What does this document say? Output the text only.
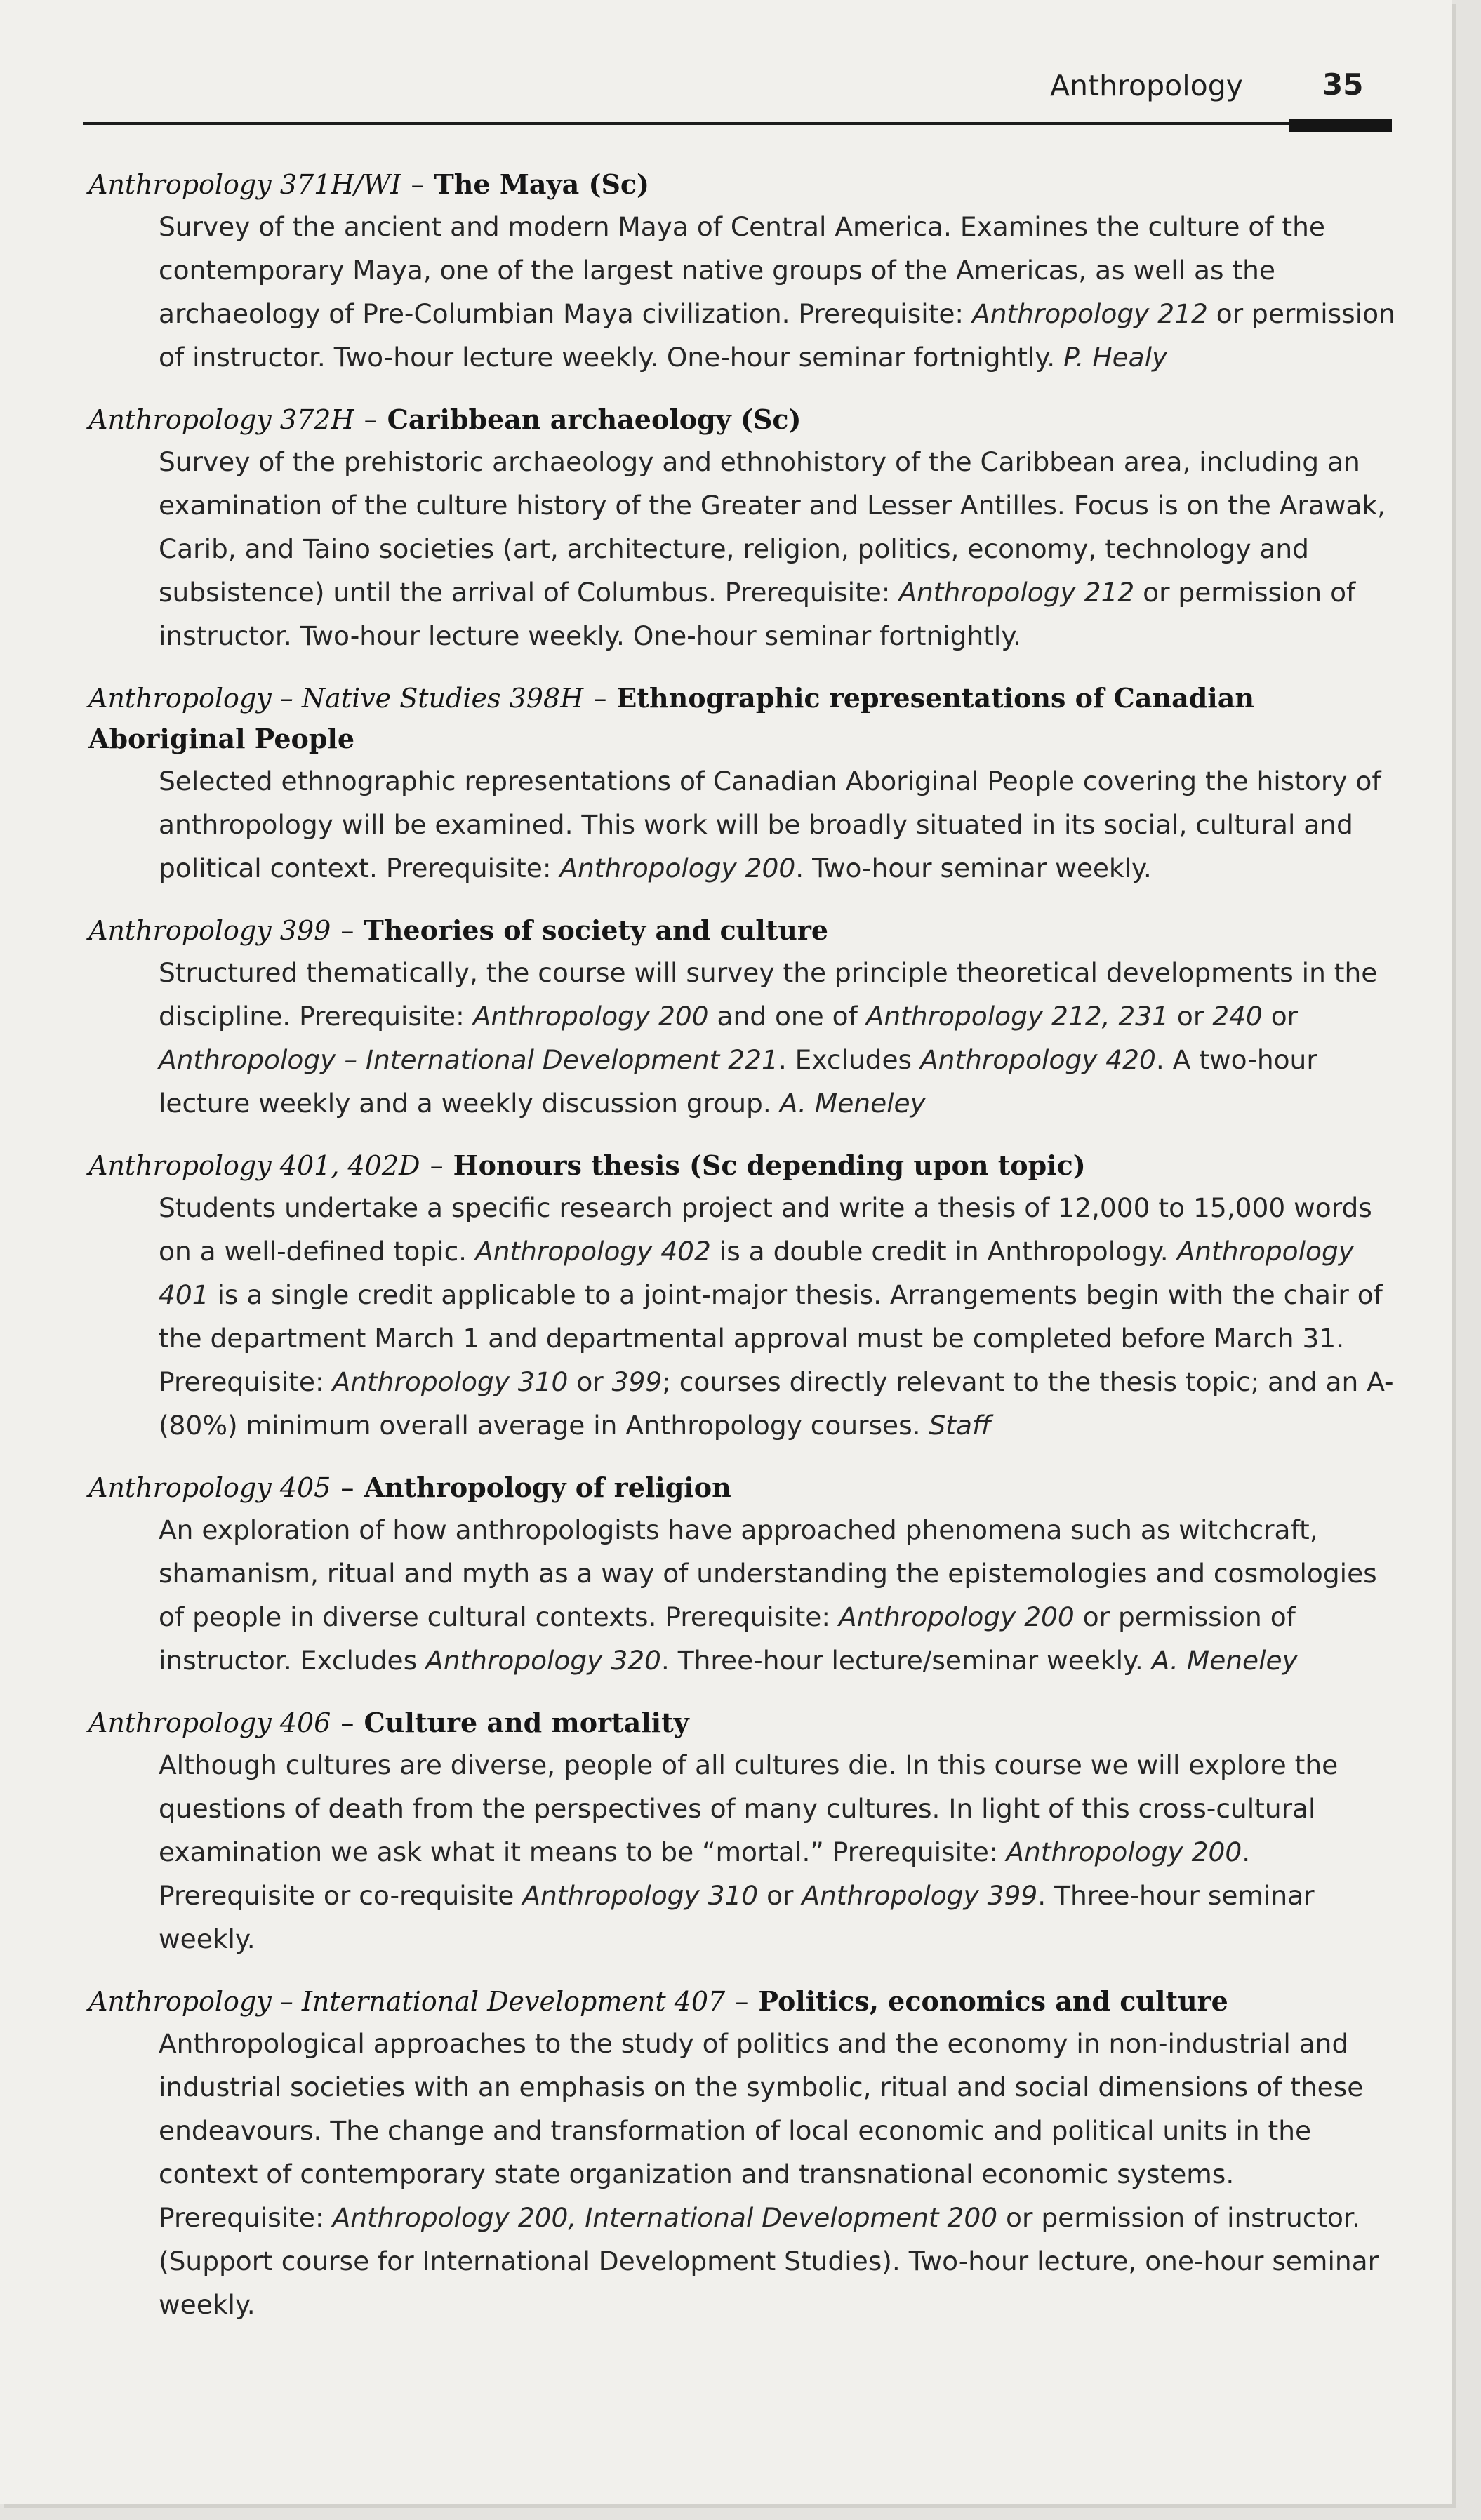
Anthropology	35

Anthropology 371H/WI – The Maya (Sc)

Survey of the ancient and modern Maya of Central America. Examines the culture of the contemporary Maya, one of the largest native groups of the Americas, as well as the archaeology of Pre-Columbian Maya civilization. Prerequisite: Anthropology 212 or permission of instructor. Two-hour lecture weekly. One-hour seminar fortnightly. P. Healy

Anthropology 372H – Caribbean archaeology (Sc)

Survey of the prehistoric archaeology and ethnohistory of the Caribbean area, including an examination of the culture history of the Greater and Lesser Antilles. Focus is on the Arawak, Carib, and Taino societies (art, architecture, religion, politics, economy, technology and subsistence) until the arrival of Columbus. Prerequisite: Anthropology 212 or permission of instructor. Two-hour lecture weekly. One-hour seminar fortnightly.

Anthropology – Native Studies 398H – Ethnographic representations of Canadian Aboriginal People

Selected ethnographic representations of Canadian Aboriginal People covering the history of anthropology will be examined. This work will be broadly situated in its social, cultural and political context. Prerequisite: Anthropology 200. Two-hour seminar weekly.

Anthropology 399 – Theories of society and culture

Structured thematically, the course will survey the principle theoretical developments in the discipline. Prerequisite: Anthropology 200 and one of Anthropology 212, 231 or 240 or Anthropology – International Development 221. Excludes Anthropology 420. A two-hour lecture weekly and a weekly discussion group. A. Meneley

Anthropology 401, 402D – Honours thesis (Sc depending upon topic)

Students undertake a specific research project and write a thesis of 12,000 to 15,000 words on a well-defined topic. Anthropology 402 is a double credit in Anthropology. Anthropology 401 is a single credit applicable to a joint-major thesis. Arrangements begin with the chair of the department March 1 and departmental approval must be completed before March 31. Prerequisite: Anthropology 310 or 399; courses directly relevant to the thesis topic; and an A- (80%) minimum overall average in Anthropology courses. Staff

Anthropology 405 – Anthropology of religion

An exploration of how anthropologists have approached phenomena such as witchcraft, shamanism, ritual and myth as a way of understanding the epistemologies and cosmologies of people in diverse cultural contexts. Prerequisite: Anthropology 200 or permission of instructor. Excludes Anthropology 320. Three-hour lecture/seminar weekly. A. Meneley

Anthropology 406 – Culture and mortality

Although cultures are diverse, people of all cultures die. In this course we will explore the questions of death from the perspectives of many cultures. In light of this cross-cultural examination we ask what it means to be “mortal.” Prerequisite: Anthropology 200. Prerequisite or co-requisite Anthropology 310 or Anthropology 399. Three-hour seminar weekly.

Anthropology – International Development 407 – Politics, economics and culture

Anthropological approaches to the study of politics and the economy in non-industrial and industrial societies with an emphasis on the symbolic, ritual and social dimensions of these endeavours. The change and transformation of local economic and political units in the context of contemporary state organization and transnational economic systems. Prerequisite: Anthropology 200, International Development 200 or permission of instructor. (Support course for International Development Studies). Two-hour lecture, one-hour seminar weekly.
